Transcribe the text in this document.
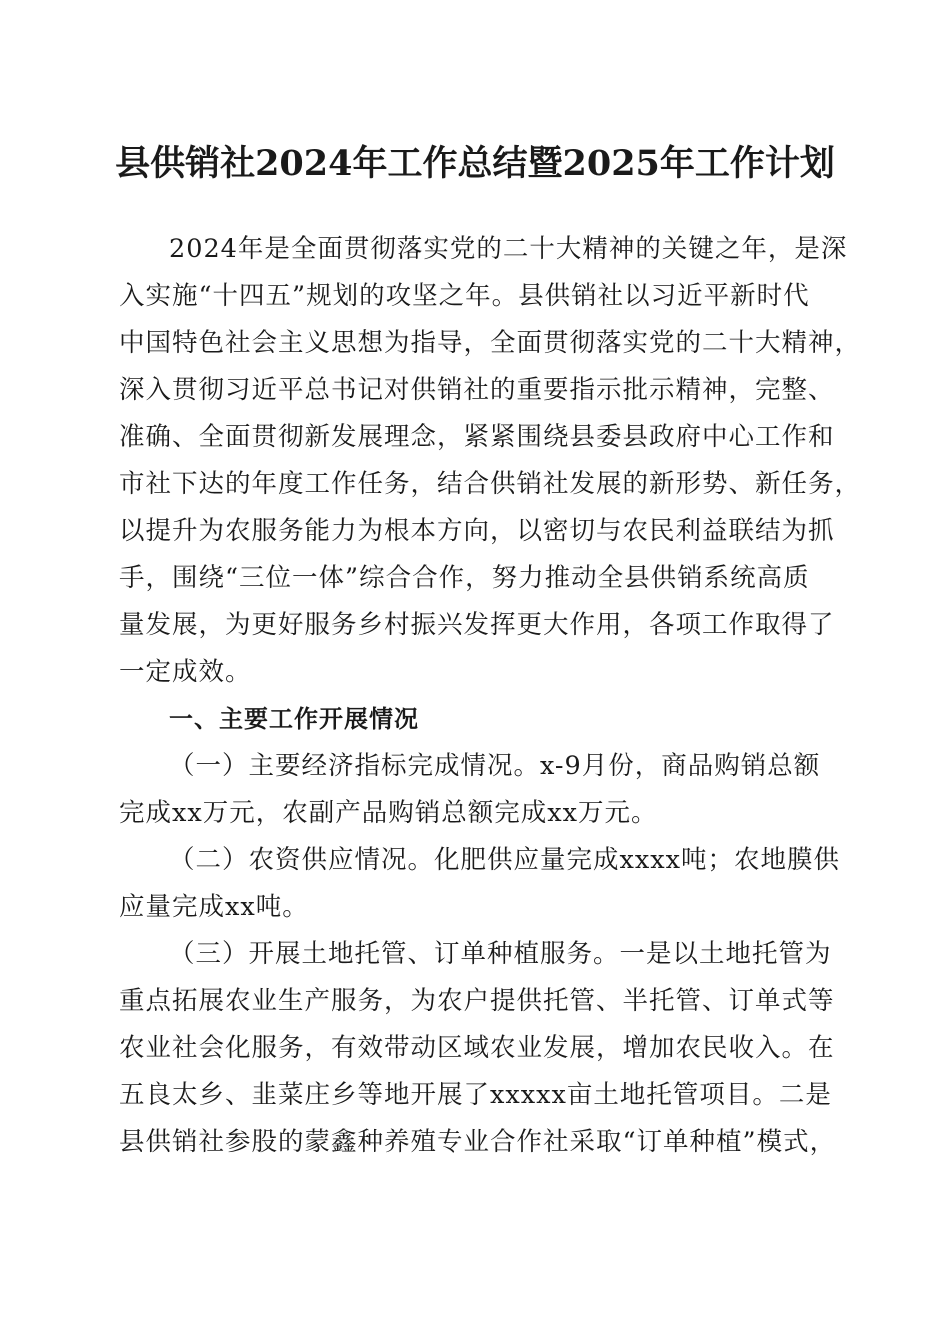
县供销社2024年工作总结暨2025年工作计划
2024年是全面贯彻落实党的二十大精神的关键之年，是深
入实施“十四五”规划的攻坚之年。县供销社以习近平新时代
中国特色社会主义思想为指导，全面贯彻落实党的二十大精神，
深入贯彻习近平总书记对供销社的重要指示批示精神，完整、
准确、全面贯彻新发展理念，紧紧围绕县委县政府中心工作和
市社下达的年度工作任务，结合供销社发展的新形势、新任务，
以提升为农服务能力为根本方向，以密切与农民利益联结为抓
手，围绕“三位一体”综合合作，努力推动全县供销系统高质
量发展，为更好服务乡村振兴发挥更大作用，各项工作取得了
一定成效。
一、主要工作开展情况
（一）主要经济指标完成情况。x-9月份，商品购销总额
完成xx万元，农副产品购销总额完成xx万元。
（二）农资供应情况。化肥供应量完成xxxx吨；农地膜供
应量完成xx吨。
（三）开展土地托管、订单种植服务。一是以土地托管为
重点拓展农业生产服务，为农户提供托管、半托管、订单式等
农业社会化服务，有效带动区域农业发展，增加农民收入。在
五良太乡、韭菜庄乡等地开展了xxxxx亩土地托管项目。二是
县供销社参股的蒙鑫种养殖专业合作社采取“订单种植”模式，
